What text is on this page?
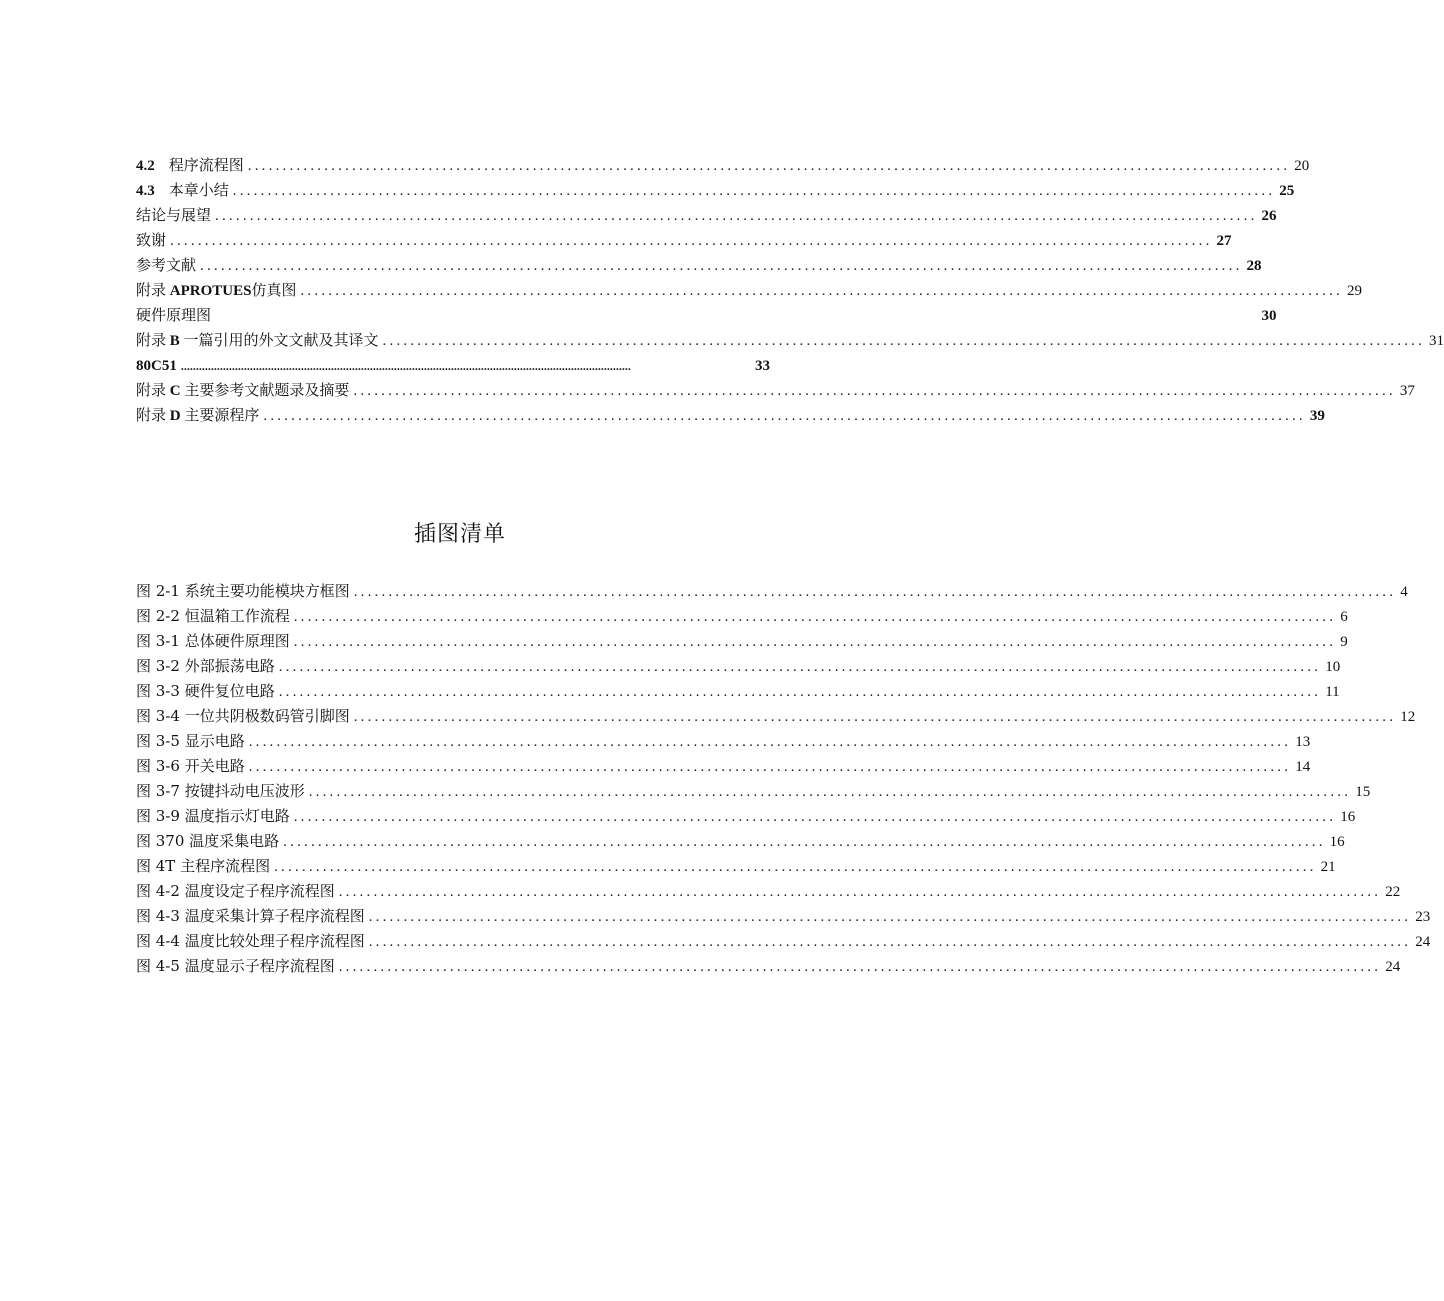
4.2 程序流程图 ...................................................................................................................................................... 20
4.3 本章小结 ...................................................................................................................................................... 25
结论与展望 ...................................................................................................................................................... 26
致谢 ...................................................................................................................................................... 27
参考文献 ...................................................................................................................................................... 28
附录 APROTUES仿真图 ...................................................................................................................................................... 29
硬件原理图	30
附录 B 一篇引用的外文文献及其译文 ...................................................................................................................................................... 31
80C51 ......................................................................................................................................................	33
附录 C 主要参考文献题录及摘要 ...................................................................................................................................................... 37
附录 D 主要源程序 ...................................................................................................................................................... 39
插图清单
图 2-1 系统主要功能模块方框图 ...................................................................................................................................................... 4
图 2-2 恒温箱工作流程 ...................................................................................................................................................... 6
图 3-1 总体硬件原理图 ...................................................................................................................................................... 9
图 3-2 外部振荡电路 ...................................................................................................................................................... 10
图 3-3 硬件复位电路 ...................................................................................................................................................... 11
图 3-4 一位共阴极数码管引脚图 ...................................................................................................................................................... 12
图 3-5 显示电路 ...................................................................................................................................................... 13
图 3-6 开关电路 ...................................................................................................................................................... 14
图 3-7 按键抖动电压波形 ...................................................................................................................................................... 15
图 3-9 温度指示灯电路 ...................................................................................................................................................... 16
图 370 温度采集电路 ...................................................................................................................................................... 16
图 4T 主程序流程图 ...................................................................................................................................................... 21
图 4-2 温度设定子程序流程图 ...................................................................................................................................................... 22
图 4-3 温度采集计算子程序流程图 ...................................................................................................................................................... 23
图 4-4 温度比较处理子程序流程图 ...................................................................................................................................................... 24
图 4-5 温度显示子程序流程图 ...................................................................................................................................................... 24
